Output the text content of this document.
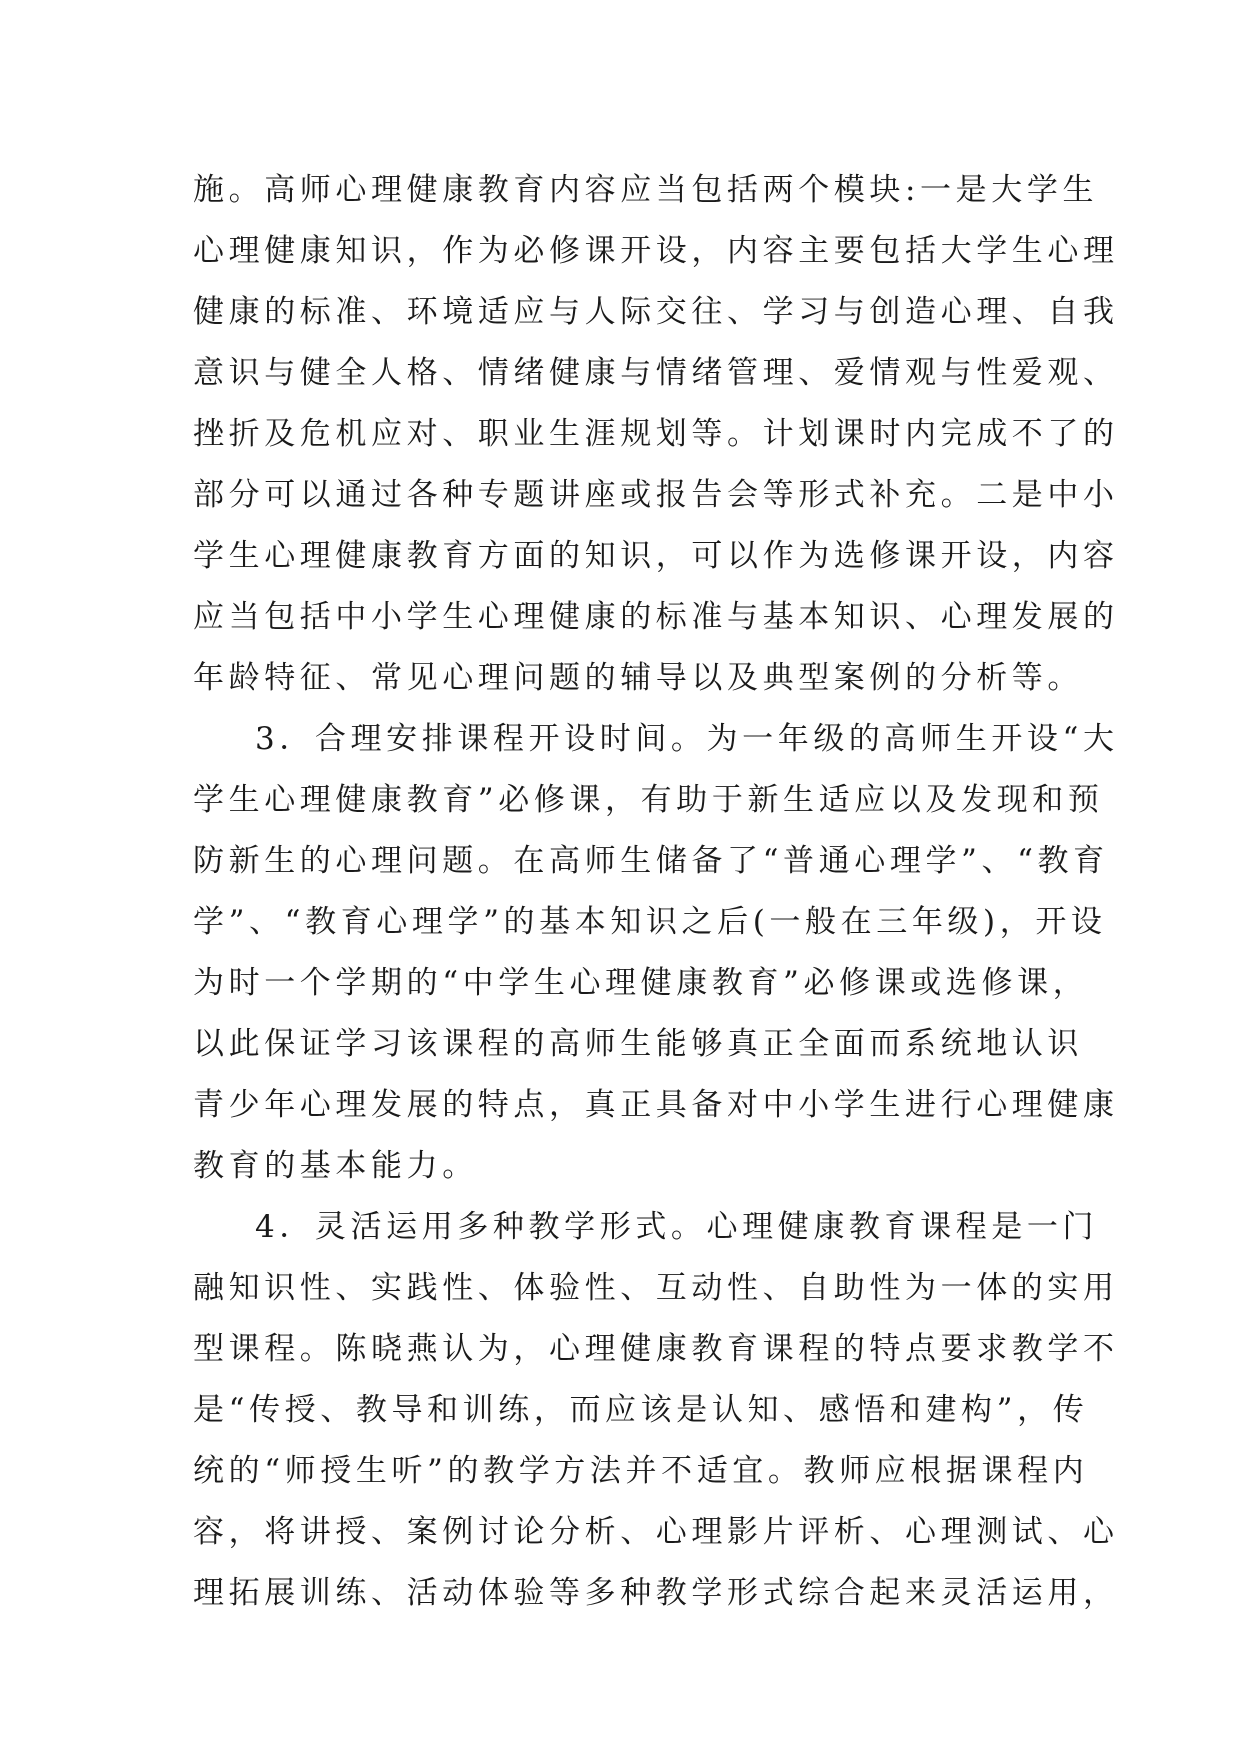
施。高师心理健康教育内容应当包括两个模块:一是大学生
心理健康知识，作为必修课开设，内容主要包括大学生心理
健康的标准、环境适应与人际交往、学习与创造心理、自我
意识与健全人格、情绪健康与情绪管理、爱情观与性爱观、
挫折及危机应对、职业生涯规划等。计划课时内完成不了的
部分可以通过各种专题讲座或报告会等形式补充。二是中小
学生心理健康教育方面的知识，可以作为选修课开设，内容
应当包括中小学生心理健康的标准与基本知识、心理发展的
年龄特征、常见心理问题的辅导以及典型案例的分析等。
3．合理安排课程开设时间。为一年级的高师生开设“大
学生心理健康教育”必修课，有助于新生适应以及发现和预
防新生的心理问题。在高师生储备了“普通心理学”、“教育
学”、“教育心理学”的基本知识之后(一般在三年级)，开设
为时一个学期的“中学生心理健康教育”必修课或选修课，
以此保证学习该课程的高师生能够真正全面而系统地认识
青少年心理发展的特点，真正具备对中小学生进行心理健康
教育的基本能力。
4．灵活运用多种教学形式。心理健康教育课程是一门
融知识性、实践性、体验性、互动性、自助性为一体的实用
型课程。陈晓燕认为，心理健康教育课程的特点要求教学不
是“传授、教导和训练，而应该是认知、感悟和建构”，传
统的“师授生听”的教学方法并不适宜。教师应根据课程内
容，将讲授、案例讨论分析、心理影片评析、心理测试、心
理拓展训练、活动体验等多种教学形式综合起来灵活运用，
